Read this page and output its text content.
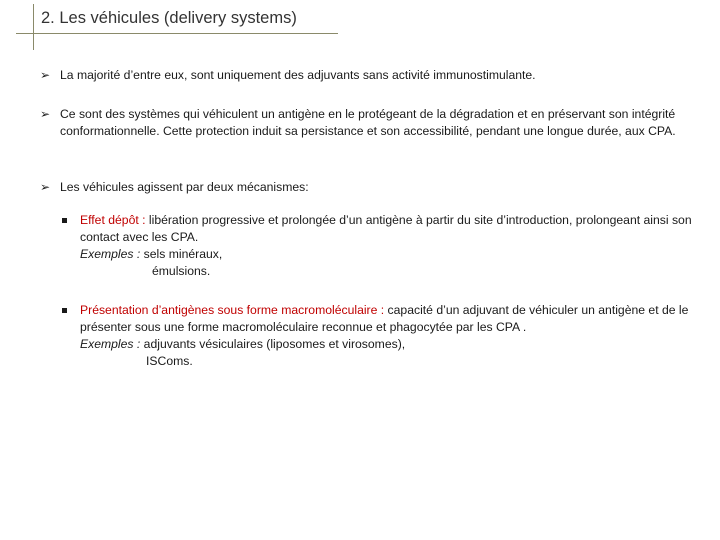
2. Les véhicules (delivery systems)
➢ La majorité d’entre eux, sont uniquement des adjuvants sans activité immunostimulante.
➢ Ce sont des systèmes qui véhiculent un antigène en le protégeant de la dégradation et en préservant son intégrité conformationnelle. Cette protection induit sa persistance et son accessibilité, pendant une longue durée, aux CPA.
➢ Les véhicules agissent par deux mécanismes:
Effet dépôt : libération progressive et prolongée d’un antigène à partir du site d’introduction, prolongeant ainsi son contact avec les CPA.
Exemples : sels minéraux,
émulsions.
Présentation d’antigènes sous forme macromoléculaire : capacité d’un adjuvant de véhiculer un antigène et de le présenter sous une forme macromoléculaire reconnue et phagocytée par les CPA .
Exemples : adjuvants vésiculaires (liposomes et virosomes),
ISComs.
